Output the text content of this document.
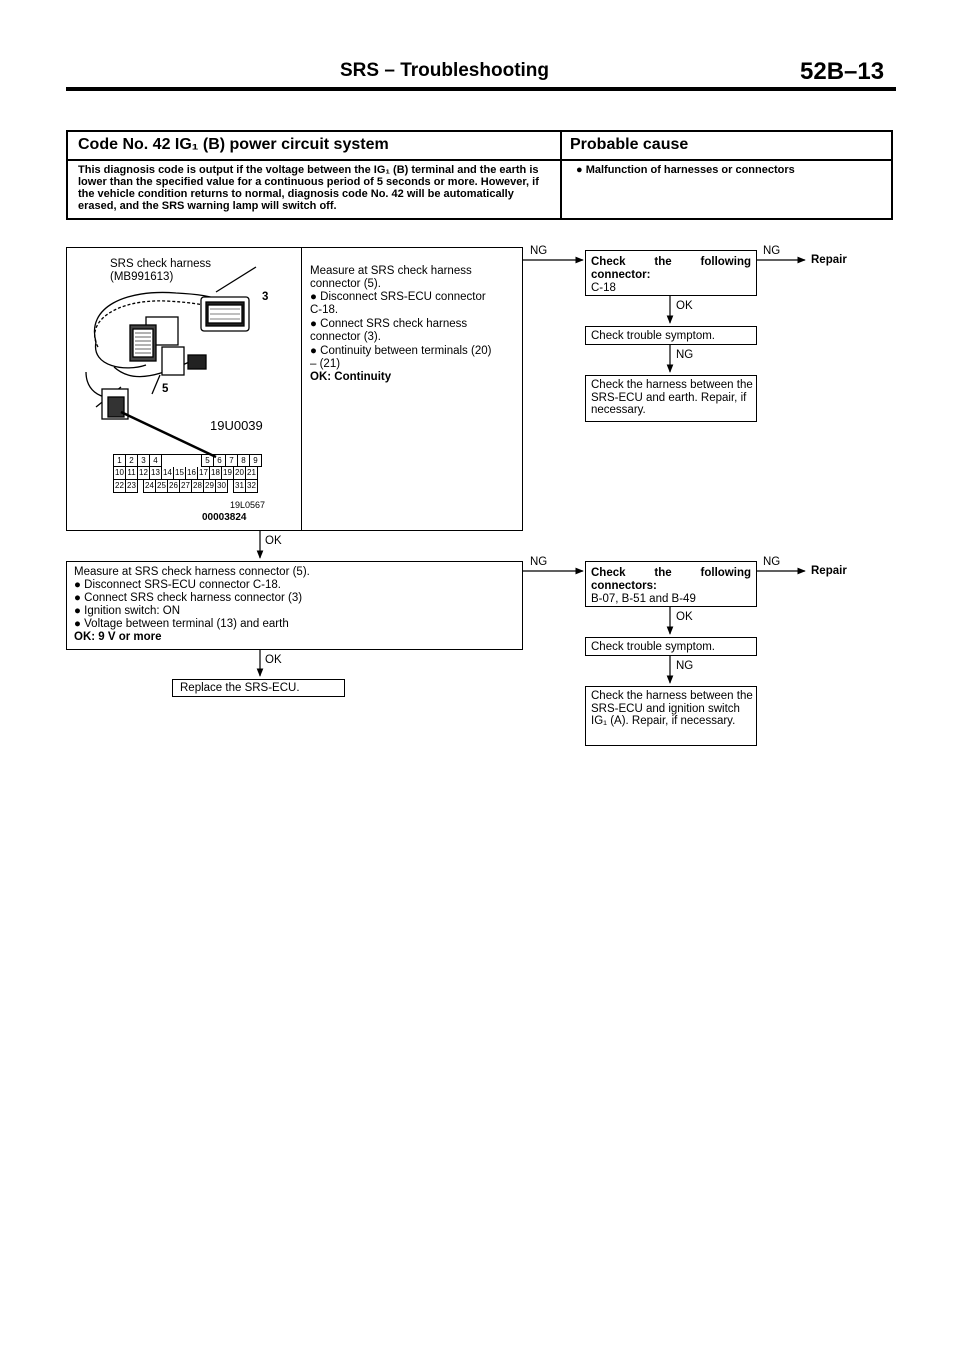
SRS – Troubleshooting	52B–13
Code No. 42 IG₁ (B) power circuit system	Probable cause
This diagnosis code is output if the voltage between the IG₁ (B) terminal and the earth is lower than the specified value for a continuous period of 5 seconds or more. However, if the vehicle condition returns to normal, diagnosis code No. 42 will be automatically erased, and the SRS warning lamp will switch off.
● Malfunction of harnesses or connectors
SRS check harness
(MB991613)
3
5
19U0039
1 2 3 4	5 6 7 8 9
10 11 12 13 14 15 16 17 18 19 20 21
22 23 24 25 26 27 28 29 30 31 32
19L0567
00003824
Measure at SRS check harness
connector (5).
● Disconnect SRS-ECU connector
C-18.
● Connect SRS check harness
connector (3).
● Continuity between terminals (20)
– (21)
OK: Continuity
Measure at SRS check harness connector (5).
● Disconnect SRS-ECU connector C-18.
● Connect SRS check harness connector (3)
● Ignition switch: ON
● Voltage between terminal (13) and earth
OK: 9 V or more
Replace the SRS-ECU.
Check the following connector:
C-18
Check trouble symptom.
Check the harness between the SRS-ECU and earth. Repair, if necessary.
Check the following connectors:
B-07, B-51 and B-49
Check trouble symptom.
Check the harness between the SRS-ECU and ignition switch IG₁ (A). Repair, if necessary.
NG	NG
Repair
OK
NG
OK
NG	NG
Repair
OK
NG
OK
